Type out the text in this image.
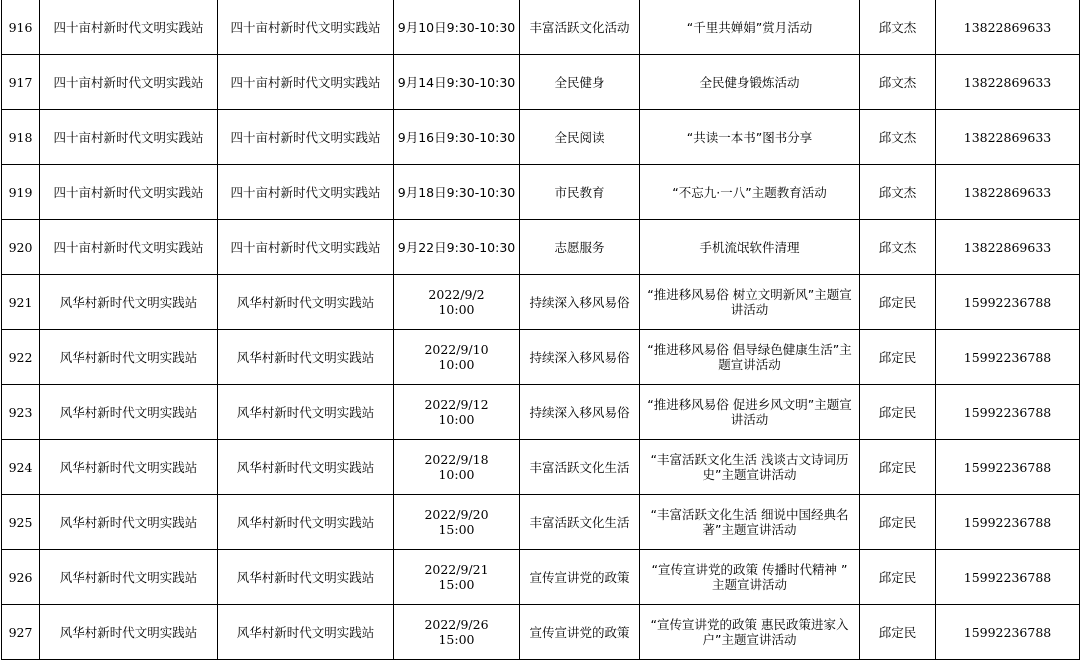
916	四十亩村新时代文明实践站	四十亩村新时代文明实践站	9月10日9:30-10:30	丰富活跃文化活动	“千里共婵娟”赏月活动	邱文杰	13822869633
917	四十亩村新时代文明实践站	四十亩村新时代文明实践站	9月14日9:30-10:30	全民健身	全民健身锻炼活动	邱文杰	13822869633
918	四十亩村新时代文明实践站	四十亩村新时代文明实践站	9月16日9:30-10:30	全民阅读	“共读一本书”图书分享	邱文杰	13822869633
919	四十亩村新时代文明实践站	四十亩村新时代文明实践站	9月18日9:30-10:30	市民教育	“不忘九·一八”主题教育活动	邱文杰	13822869633
920	四十亩村新时代文明实践站	四十亩村新时代文明实践站	9月22日9:30-10:30	志愿服务	手机流氓软件清理	邱文杰	13822869633
921	风华村新时代文明实践站	风华村新时代文明实践站	2022/9/2
10:00	持续深入移风易俗	“推进移风易俗 树立文明新风”主题宣
讲活动	邱定民	15992236788
922	风华村新时代文明实践站	风华村新时代文明实践站	2022/9/10
10:00	持续深入移风易俗	“推进移风易俗 倡导绿色健康生活”主
题宣讲活动	邱定民	15992236788
923	风华村新时代文明实践站	风华村新时代文明实践站	2022/9/12
10:00	持续深入移风易俗	“推进移风易俗 促进乡风文明”主题宣
讲活动	邱定民	15992236788
924	风华村新时代文明实践站	风华村新时代文明实践站	2022/9/18
10:00	丰富活跃文化生活	“丰富活跃文化生活 浅谈古文诗词历
史”主题宣讲活动	邱定民	15992236788
925	风华村新时代文明实践站	风华村新时代文明实践站	2022/9/20
15:00	丰富活跃文化生活	“丰富活跃文化生活 细说中国经典名
著”主题宣讲活动	邱定民	15992236788
926	风华村新时代文明实践站	风华村新时代文明实践站	2022/9/21
15:00	宣传宣讲党的政策	“宣传宣讲党的政策 传播时代精神 ”
主题宣讲活动	邱定民	15992236788
927	风华村新时代文明实践站	风华村新时代文明实践站	2022/9/26
15:00	宣传宣讲党的政策	“宣传宣讲党的政策 惠民政策进家入
户”主题宣讲活动	邱定民	15992236788
